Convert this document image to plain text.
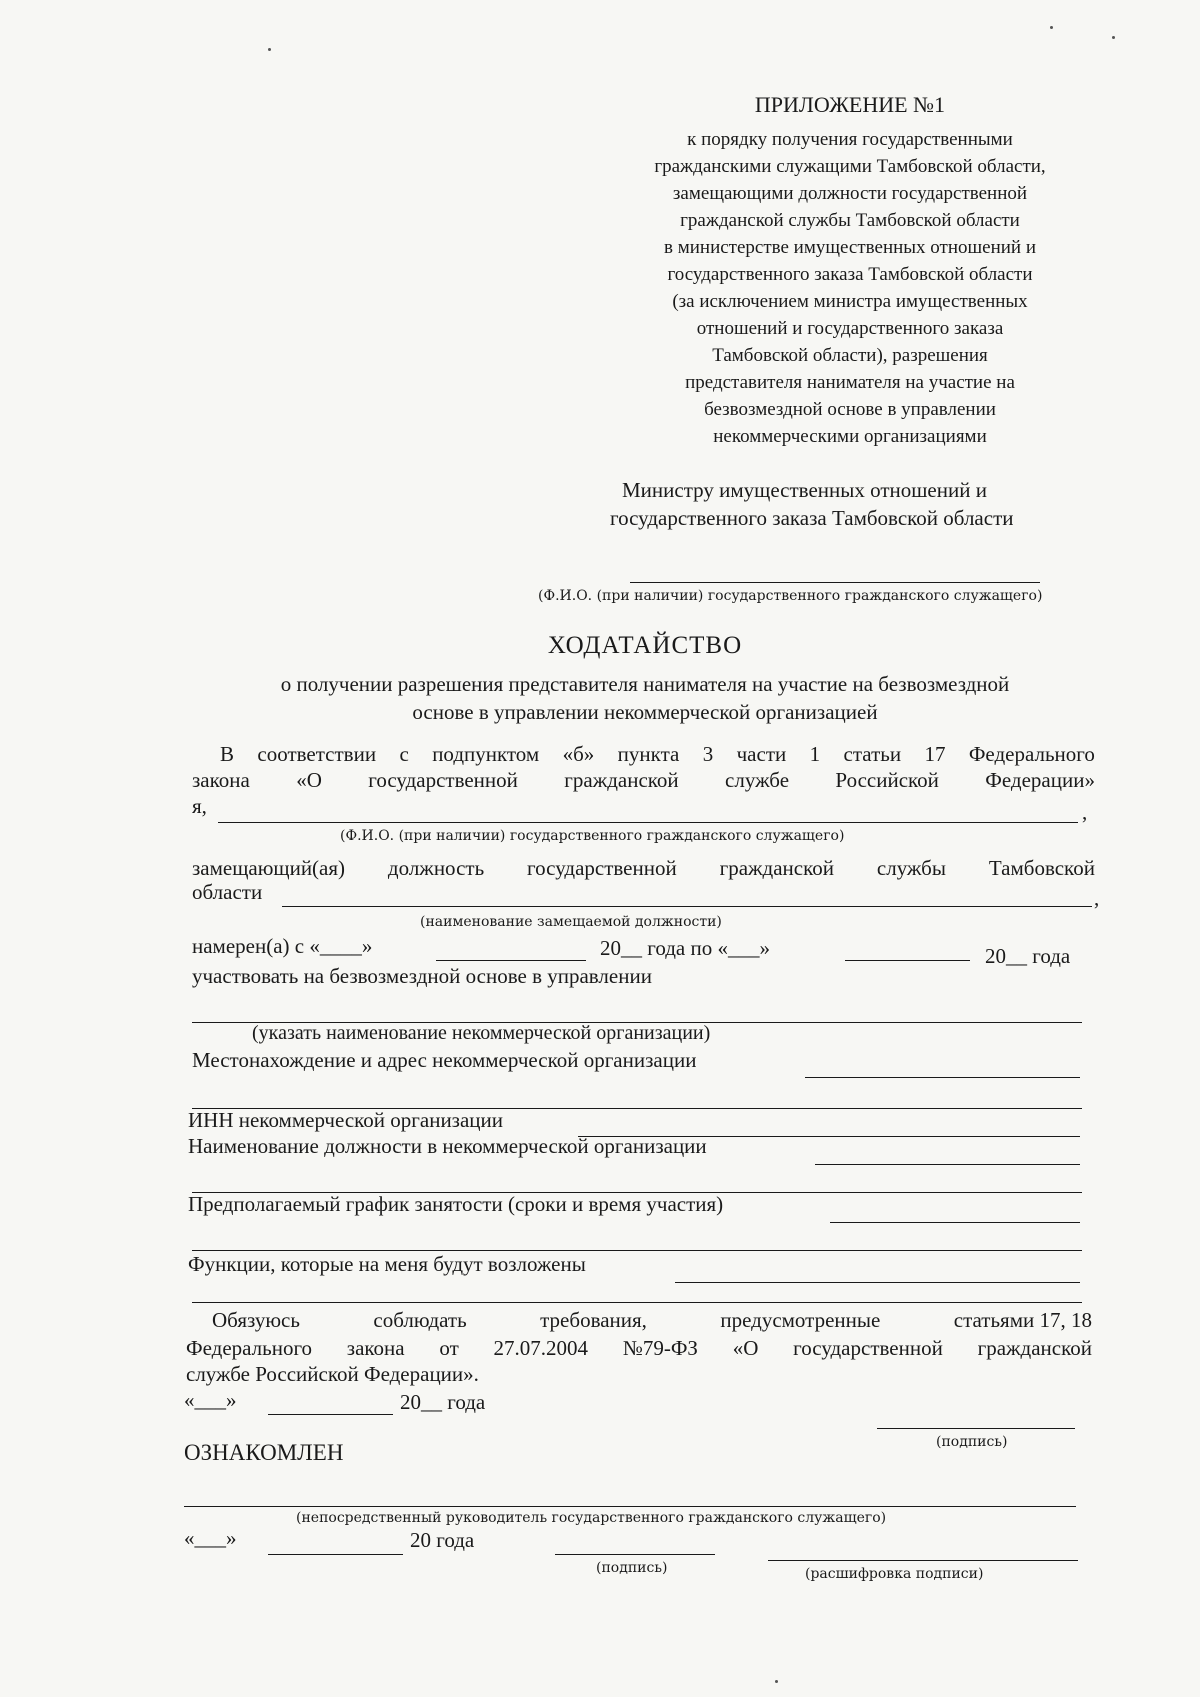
ПРИЛОЖЕНИЕ №1
к порядку получения государственными
гражданскими служащими Тамбовской области,
замещающими должности государственной
гражданской службы Тамбовской области
в министерстве имущественных отношений и
государственного заказа Тамбовской области
(за исключением министра имущественных
отношений и государственного заказа
Тамбовской области), разрешения
представителя нанимателя на участие на
безвозмездной основе в управлении
некоммерческими организациями
Министру имущественных отношений и
государственного заказа Тамбовской области
(Ф.И.О. (при наличии) государственного гражданского служащего)
ХОДАТАЙСТВО
о получении разрешения представителя нанимателя на участие на безвозмездной
основе в управлении некоммерческой организацией
В соответствии с подпунктом «б» пункта 3 части 1 статьи 17 Федерального
закона «О государственной гражданской службе Российской Федерации»
я,	,
(Ф.И.О. (при наличии) государственного гражданского служащего)
замещающий(ая) должность государственной гражданской службы Тамбовской
области	,
(наименование замещаемой должности)
намерен(а) с «____»	20__ года по «___»	20__ года
участвовать на безвозмездной основе в управлении
(указать наименование некоммерческой организации)
Местонахождение и адрес некоммерческой организации
ИНН некоммерческой организации
Наименование должности в некоммерческой организации
Предполагаемый график занятости (сроки и время участия)
Функции, которые на меня будут возложены
Обязуюсь	соблюдать	требования,	предусмотренные	статьями 17, 18
Федерального закона от 27.07.2004 №79-ФЗ «О государственной гражданской
службе Российской Федерации».
«___»	20__ года
(подпись)
ОЗНАКОМЛЕН
(непосредственный руководитель государственного гражданского служащего)
«___»	20 года
(подпись)	(расшифровка подписи)
